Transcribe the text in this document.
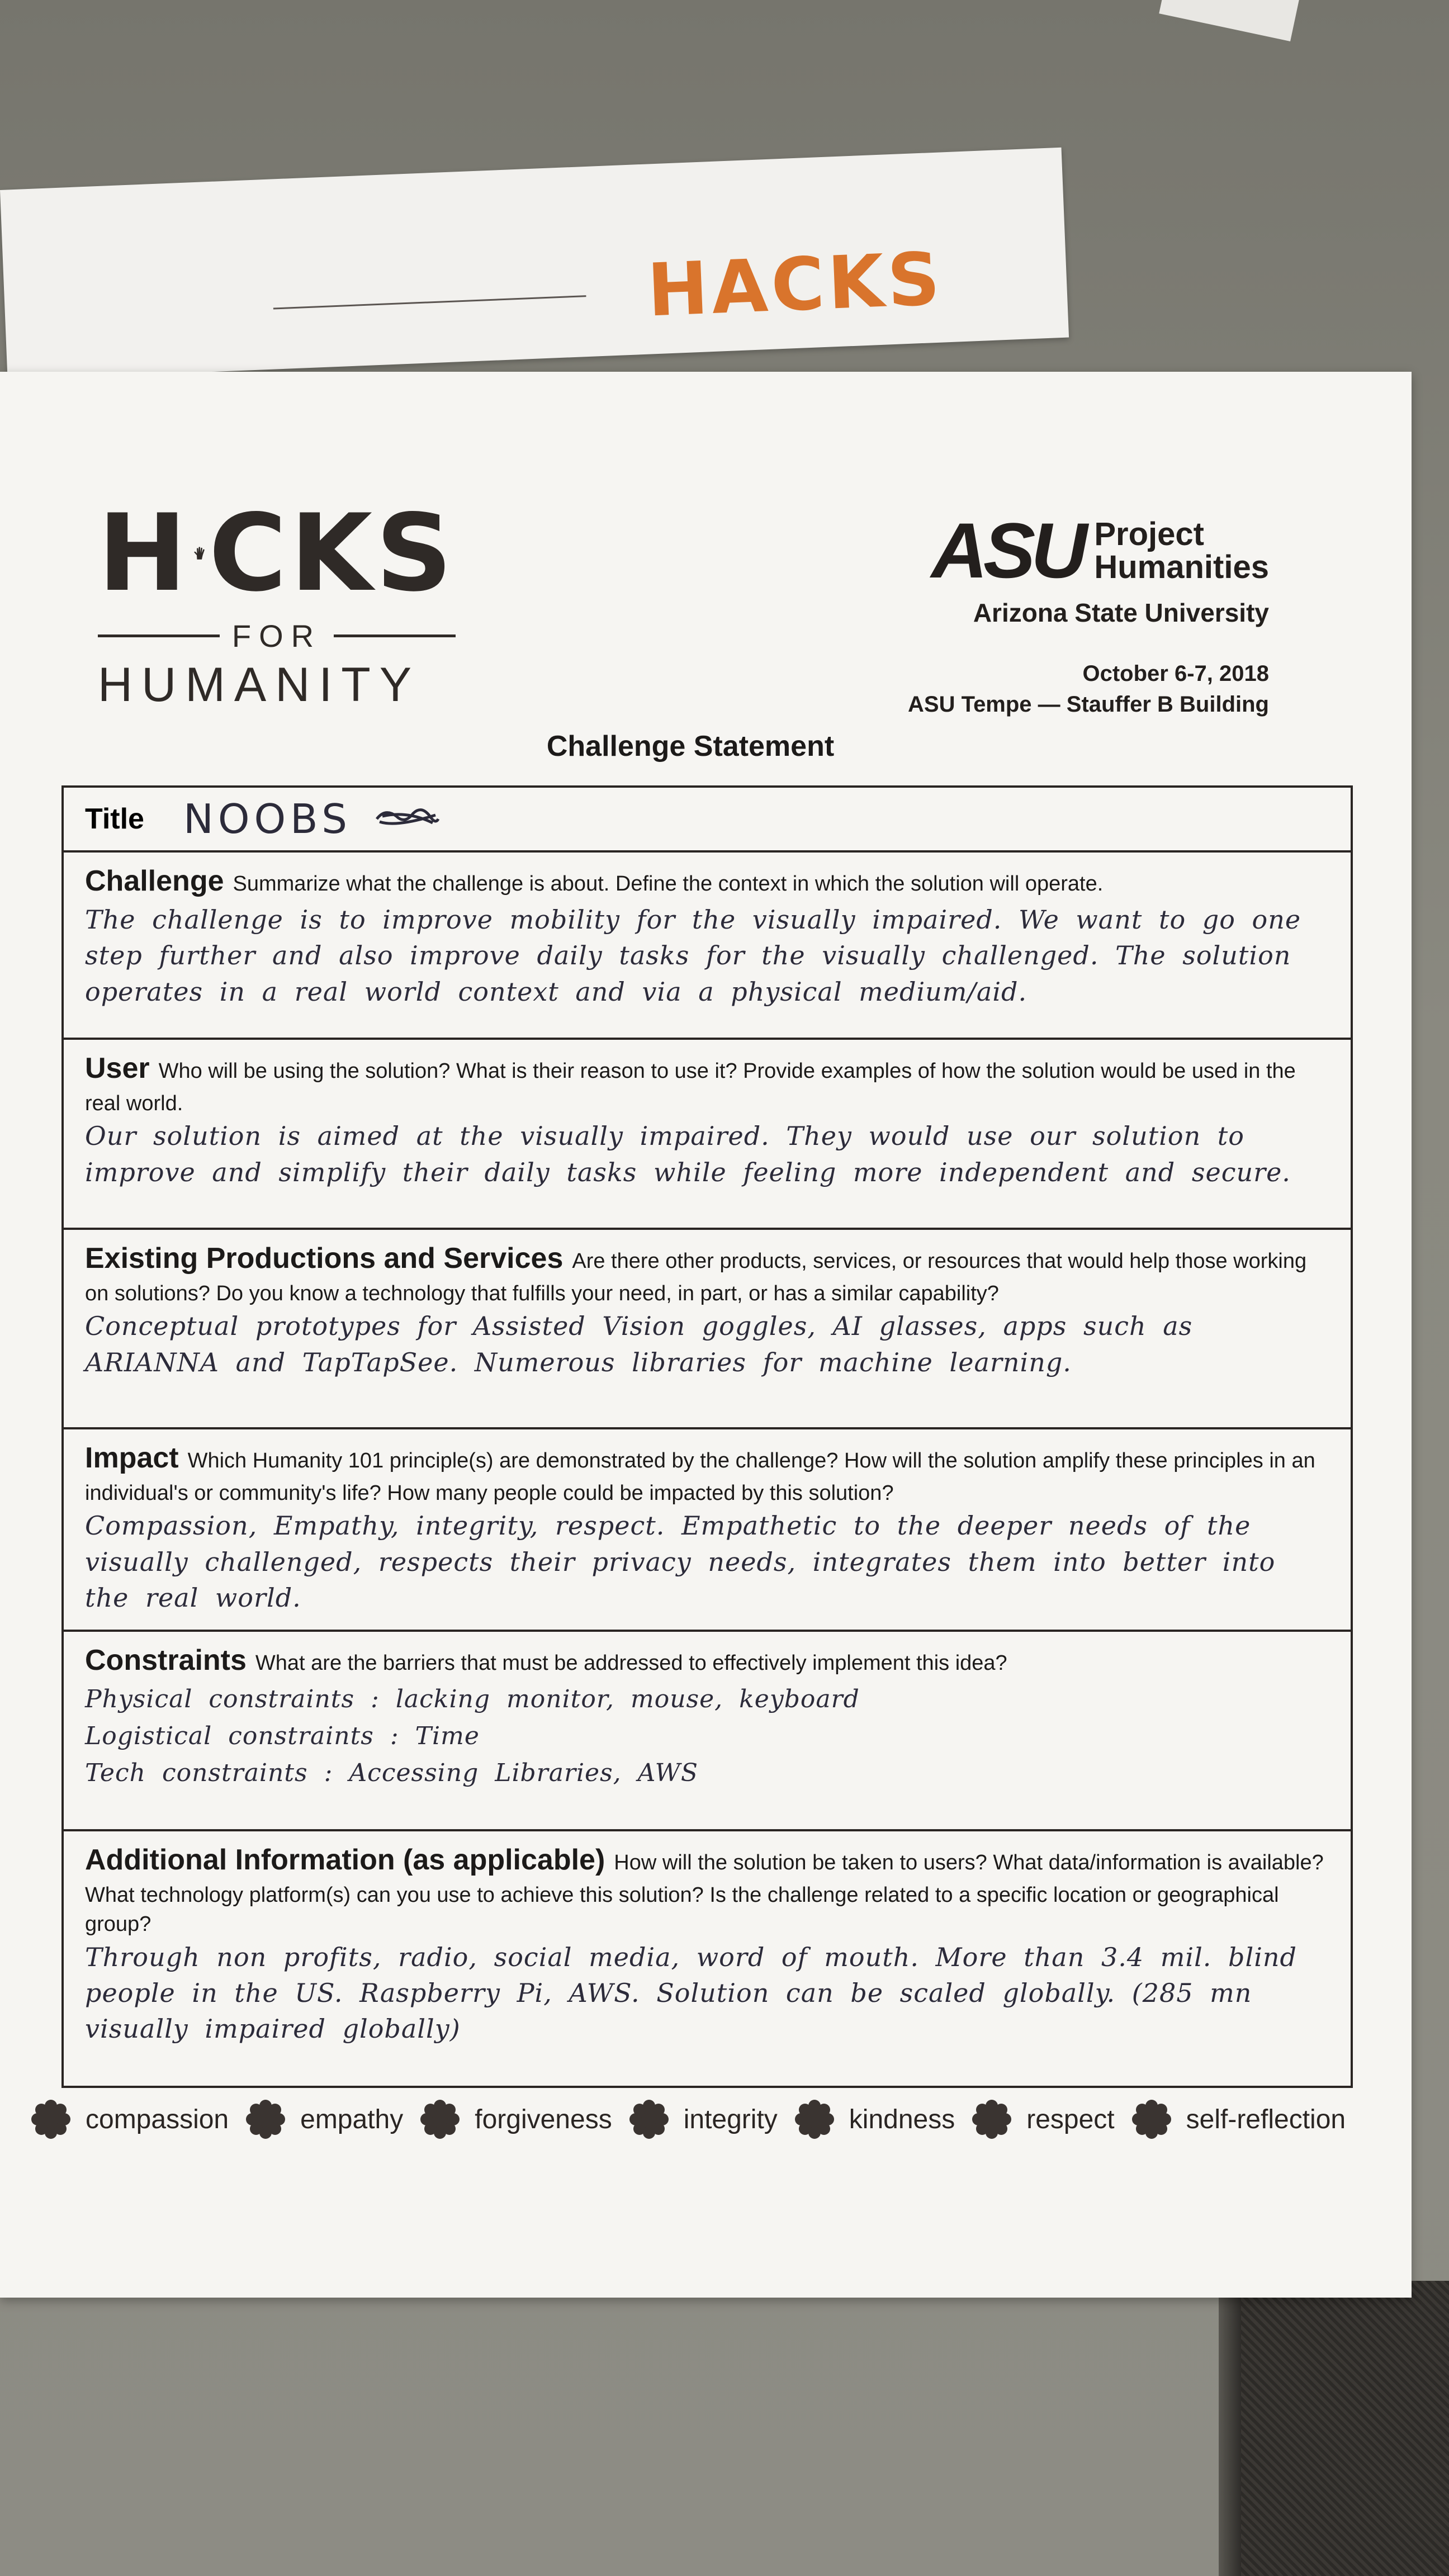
HACKS
H CKS
FOR
HUMANITY
ASU Project
Humanities
Arizona State University
October 6-7, 2018
ASU Tempe — Stauffer B Building
Challenge Statement
Title NOOBS
Challenge Summarize what the challenge is about. Define the context in which the solution will operate.
The challenge is to improve mobility for the visually impaired. We want to go one step further and also improve daily tasks for the visually challenged. The solution operates in a real world context and via a physical medium/aid.
User Who will be using the solution? What is their reason to use it? Provide examples of how the solution would be used in the real world.
Our solution is aimed at the visually impaired. They would use our solution to improve and simplify their daily tasks while feeling more independent and secure.
Existing Productions and Services Are there other products, services, or resources that would help those working on solutions? Do you know a technology that fulfills your need, in part, or has a similar capability?
Conceptual prototypes for Assisted Vision goggles, AI glasses, apps such as ARIANNA and TapTapSee. Numerous libraries for machine learning.
Impact Which Humanity 101 principle(s) are demonstrated by the challenge? How will the solution amplify these principles in an individual's or community's life? How many people could be impacted by this solution?
Compassion, Empathy, integrity, respect. Empathetic to the deeper needs of the visually challenged, respects their privacy needs, integrates them into better into the real world.
Constraints What are the barriers that must be addressed to effectively implement this idea?
Physical constraints : lacking monitor, mouse, keyboard
Logistical constraints : Time
Tech constraints : Accessing Libraries, AWS
Additional Information (as applicable) How will the solution be taken to users? What data/information is available? What technology platform(s) can you use to achieve this solution? Is the challenge related to a specific location or geographical group?
Through non profits, radio, social media, word of mouth. More than 3.4 mil. blind people in the US. Raspberry Pi, AWS. Solution can be scaled globally. (285 mn visually impaired globally)
compassion	empathy	forgiveness	integrity	kindness	respect	self-reflection
